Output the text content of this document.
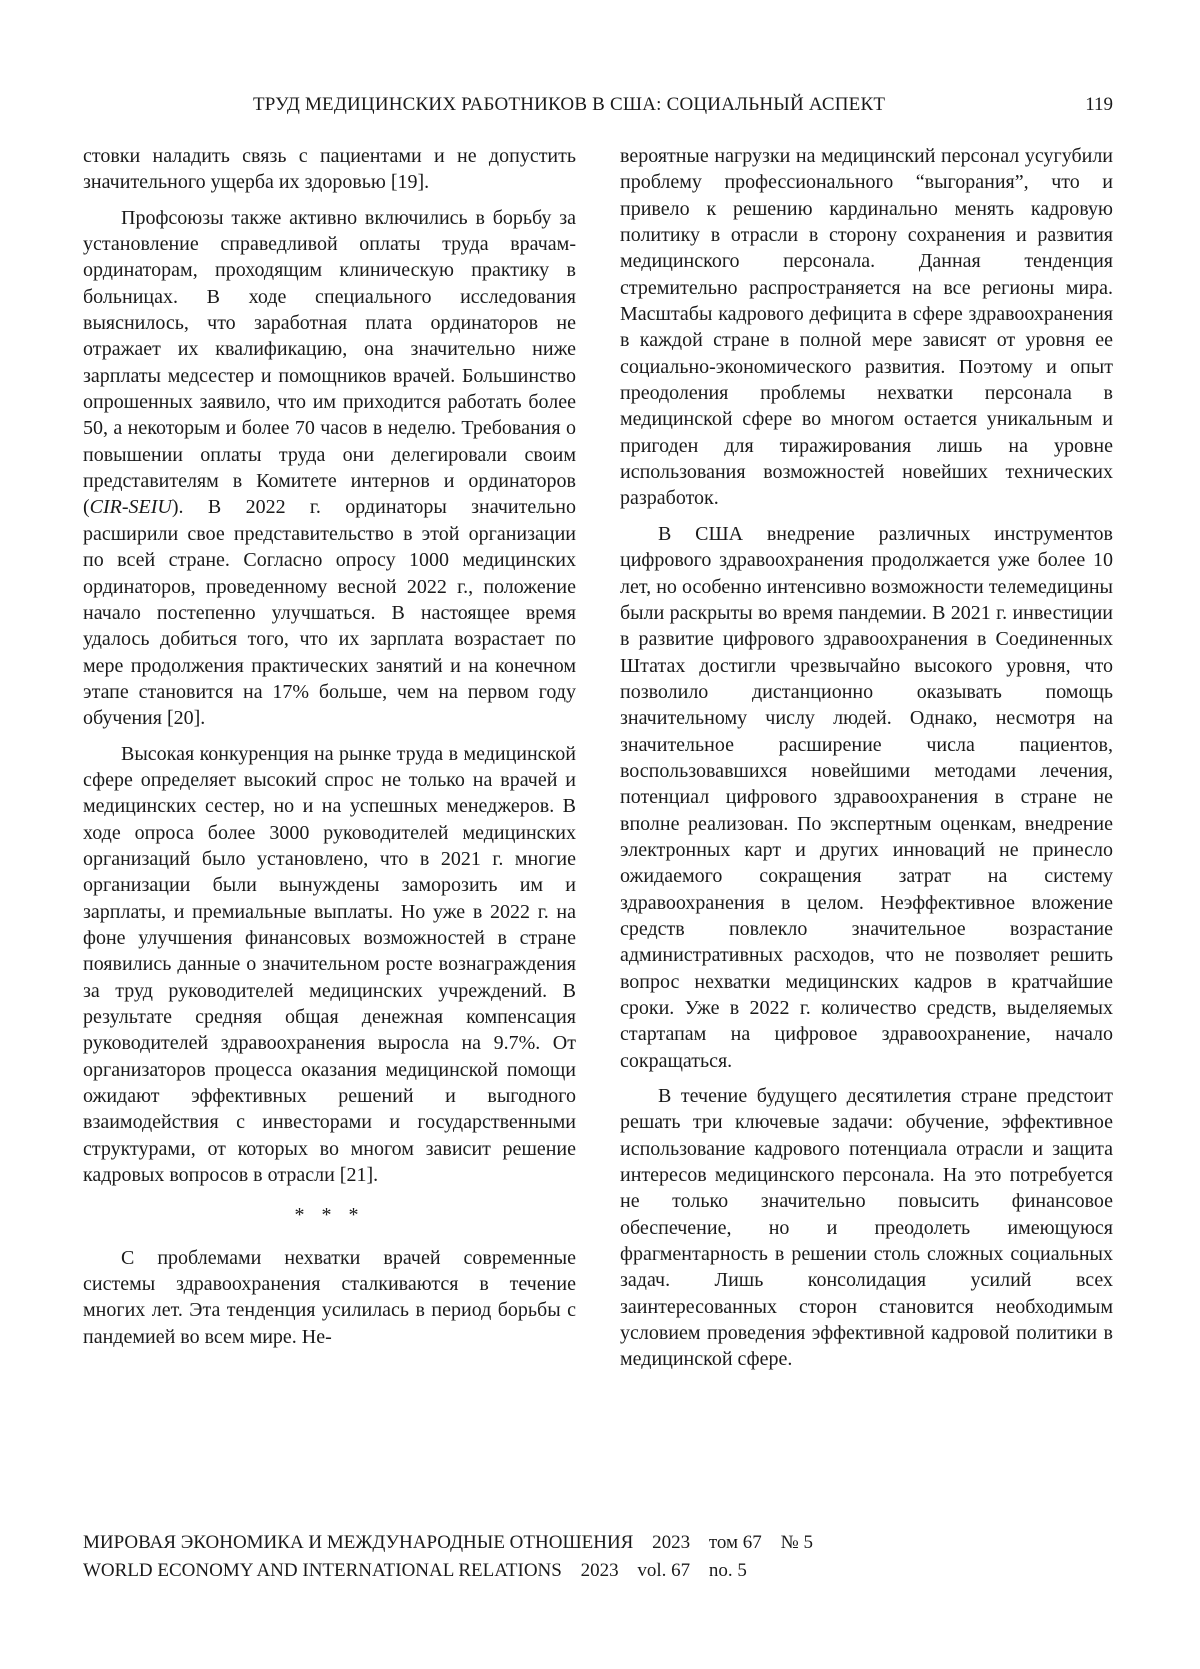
ТРУД МЕДИЦИНСКИХ РАБОТНИКОВ В США: СОЦИАЛЬНЫЙ АСПЕКТ	119

стовки наладить связь с пациентами и не допустить значительного ущерба их здоровью [19].

Профсоюзы также активно включились в борьбу за установление справедливой оплаты труда врачам-ординаторам, проходящим клиническую практику в больницах. В ходе специального исследования выяснилось, что заработная плата ординаторов не отражает их квалификацию, она значительно ниже зарплаты медсестер и помощников врачей. Большинство опрошенных заявило, что им приходится работать более 50, а некоторым и более 70 часов в неделю. Требования о повышении оплаты труда они делегировали своим представителям в Комитете интернов и ординаторов (CIR-SEIU). В 2022 г. ординаторы значительно расширили свое представительство в этой организации по всей стране. Согласно опросу 1000 медицинских ординаторов, проведенному весной 2022 г., положение начало постепенно улучшаться. В настоящее время удалось добиться того, что их зарплата возрастает по мере продолжения практических занятий и на конечном этапе становится на 17% больше, чем на первом году обучения [20].

Высокая конкуренция на рынке труда в медицинской сфере определяет высокий спрос не только на врачей и медицинских сестер, но и на успешных менеджеров. В ходе опроса более 3000 руководителей медицинских организаций было установлено, что в 2021 г. многие организации были вынуждены заморозить им и зарплаты, и премиальные выплаты. Но уже в 2022 г. на фоне улучшения финансовых возможностей в стране появились данные о значительном росте вознаграждения за труд руководителей медицинских учреждений. В результате средняя общая денежная компенсация руководителей здравоохранения выросла на 9.7%. От организаторов процесса оказания медицинской помощи ожидают эффективных решений и выгодного взаимодействия с инвесторами и государственными структурами, от которых во многом зависит решение кадровых вопросов в отрасли [21].

* * *

С проблемами нехватки врачей современные системы здравоохранения сталкиваются в течение многих лет. Эта тенденция усилилась в период борьбы с пандемией во всем мире. Не-

вероятные нагрузки на медицинский персонал усугубили проблему профессионального “выгорания”, что и привело к решению кардинально менять кадровую политику в отрасли в сторону сохранения и развития медицинского персонала. Данная тенденция стремительно распространяется на все регионы мира. Масштабы кадрового дефицита в сфере здравоохранения в каждой стране в полной мере зависят от уровня ее социально-экономического развития. Поэтому и опыт преодоления проблемы нехватки персонала в медицинской сфере во многом остается уникальным и пригоден для тиражирования лишь на уровне использования возможностей новейших технических разработок.

В США внедрение различных инструментов цифрового здравоохранения продолжается уже более 10 лет, но особенно интенсивно возможности телемедицины были раскрыты во время пандемии. В 2021 г. инвестиции в развитие цифрового здравоохранения в Соединенных Штатах достигли чрезвычайно высокого уровня, что позволило дистанционно оказывать помощь значительному числу людей. Однако, несмотря на значительное расширение числа пациентов, воспользовавшихся новейшими методами лечения, потенциал цифрового здравоохранения в стране не вполне реализован. По экспертным оценкам, внедрение электронных карт и других инноваций не принесло ожидаемого сокращения затрат на систему здравоохранения в целом. Неэффективное вложение средств повлекло значительное возрастание административных расходов, что не позволяет решить вопрос нехватки медицинских кадров в кратчайшие сроки. Уже в 2022 г. количество средств, выделяемых стартапам на цифровое здравоохранение, начало сокращаться.

В течение будущего десятилетия стране предстоит решать три ключевые задачи: обучение, эффективное использование кадрового потенциала отрасли и защита интересов медицинского персонала. На это потребуется не только значительно повысить финансовое обеспечение, но и преодолеть имеющуюся фрагментарность в решении столь сложных социальных задач. Лишь консолидация усилий всех заинтересованных сторон становится необходимым условием проведения эффективной кадровой политики в медицинской сфере.

МИРОВАЯ ЭКОНОМИКА И МЕЖДУНАРОДНЫЕ ОТНОШЕНИЯ 2023 том 67 № 5
WORLD ECONOMY AND INTERNATIONAL RELATIONS 2023 vol. 67 no. 5
